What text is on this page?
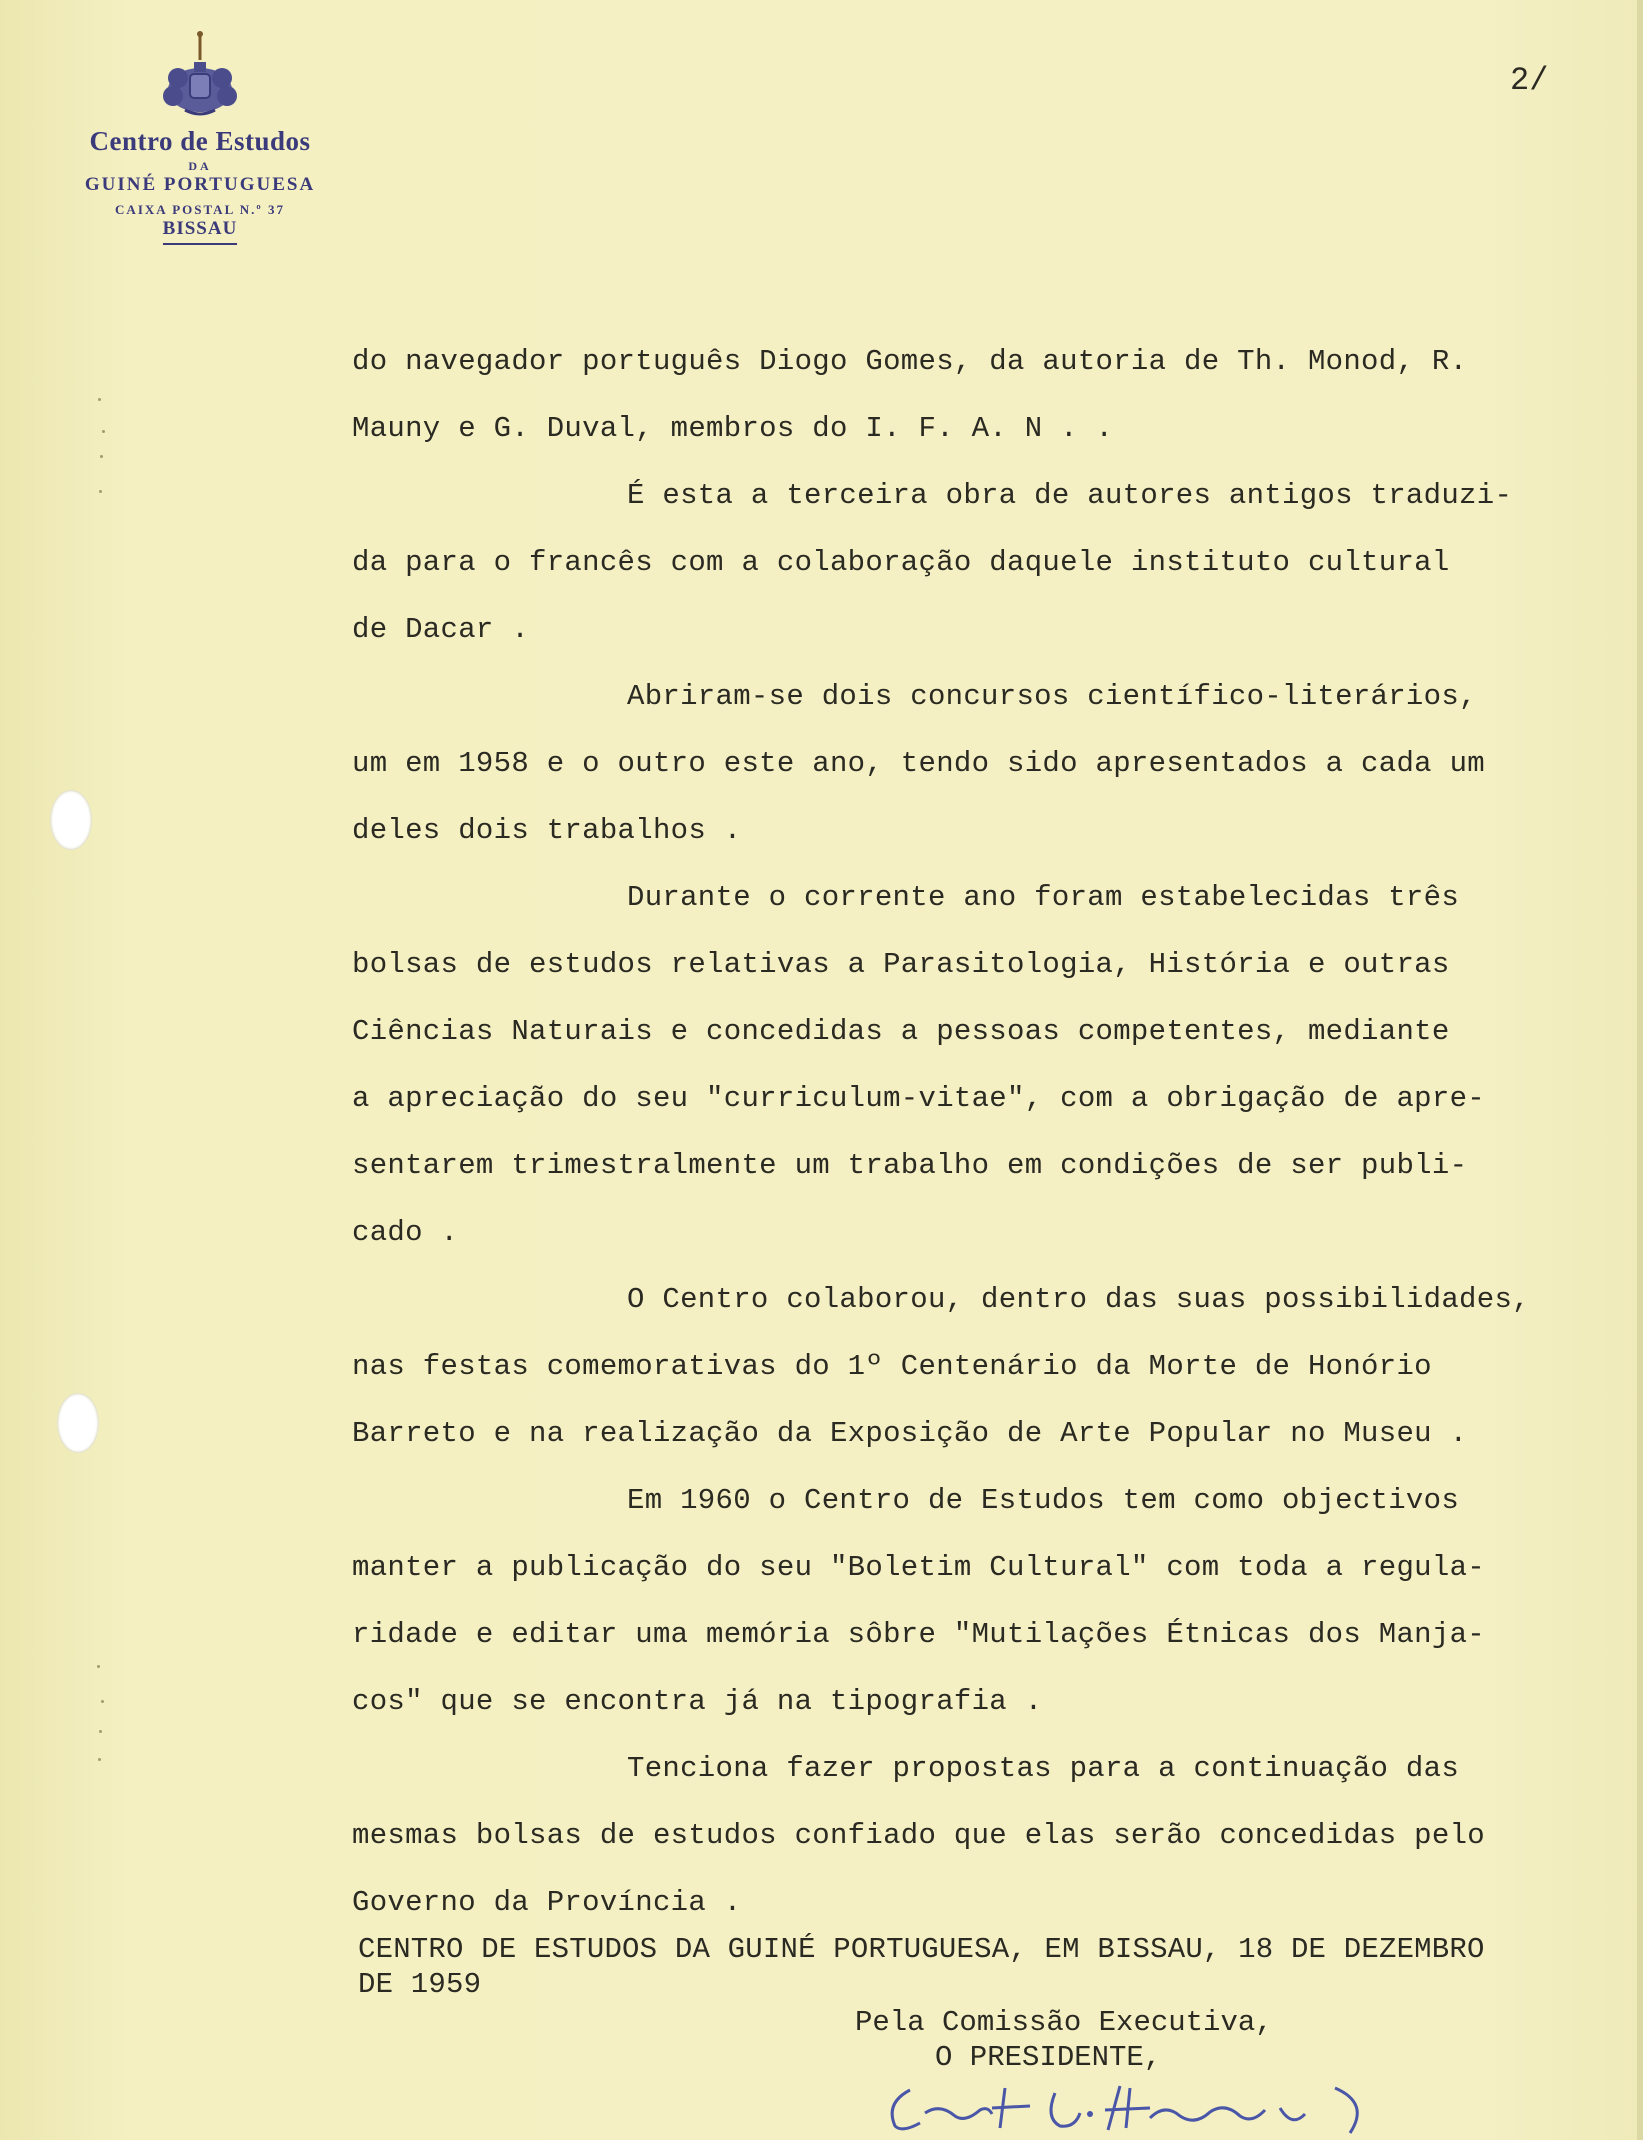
Centro de Estudos
DA
GUINÉ PORTUGUESA
CAIXA POSTAL N.º 37
BISSAU
2/
do navegador português Diogo Gomes, da autoria de Th. Monod, R.
Mauny e G. Duval, membros do I. F. A. N . .
É esta a terceira obra de autores antigos traduzi-
da para o francês com a colaboração daquele instituto cultural
de Dacar .
Abriram-se dois concursos científico-literários,
um em 1958 e o outro este ano, tendo sido apresentados a cada um
deles dois trabalhos .
Durante o corrente ano foram estabelecidas três
bolsas de estudos relativas a Parasitologia, História e outras
Ciências Naturais e concedidas a pessoas competentes, mediante
a apreciação do seu "curriculum-vitae", com a obrigação de apre-
sentarem trimestralmente um trabalho em condições de ser publi-
cado .
O Centro colaborou, dentro das suas possibilidades,
nas festas comemorativas do 1º Centenário da Morte de Honório
Barreto e na realização da Exposição de Arte Popular no Museu .
Em 1960 o Centro de Estudos tem como objectivos
manter a publicação do seu "Boletim Cultural" com toda a regula-
ridade e editar uma memória sôbre "Mutilações Étnicas dos Manja-
cos" que se encontra já na tipografia .
Tenciona fazer propostas para a continuação das
mesmas bolsas de estudos confiado que elas serão concedidas pelo
Governo da Província .
CENTRO DE ESTUDOS DA GUINÉ PORTUGUESA, EM BISSAU, 18 DE DEZEMBRO
DE 1959
Pela Comissão Executiva,
O PRESIDENTE,
